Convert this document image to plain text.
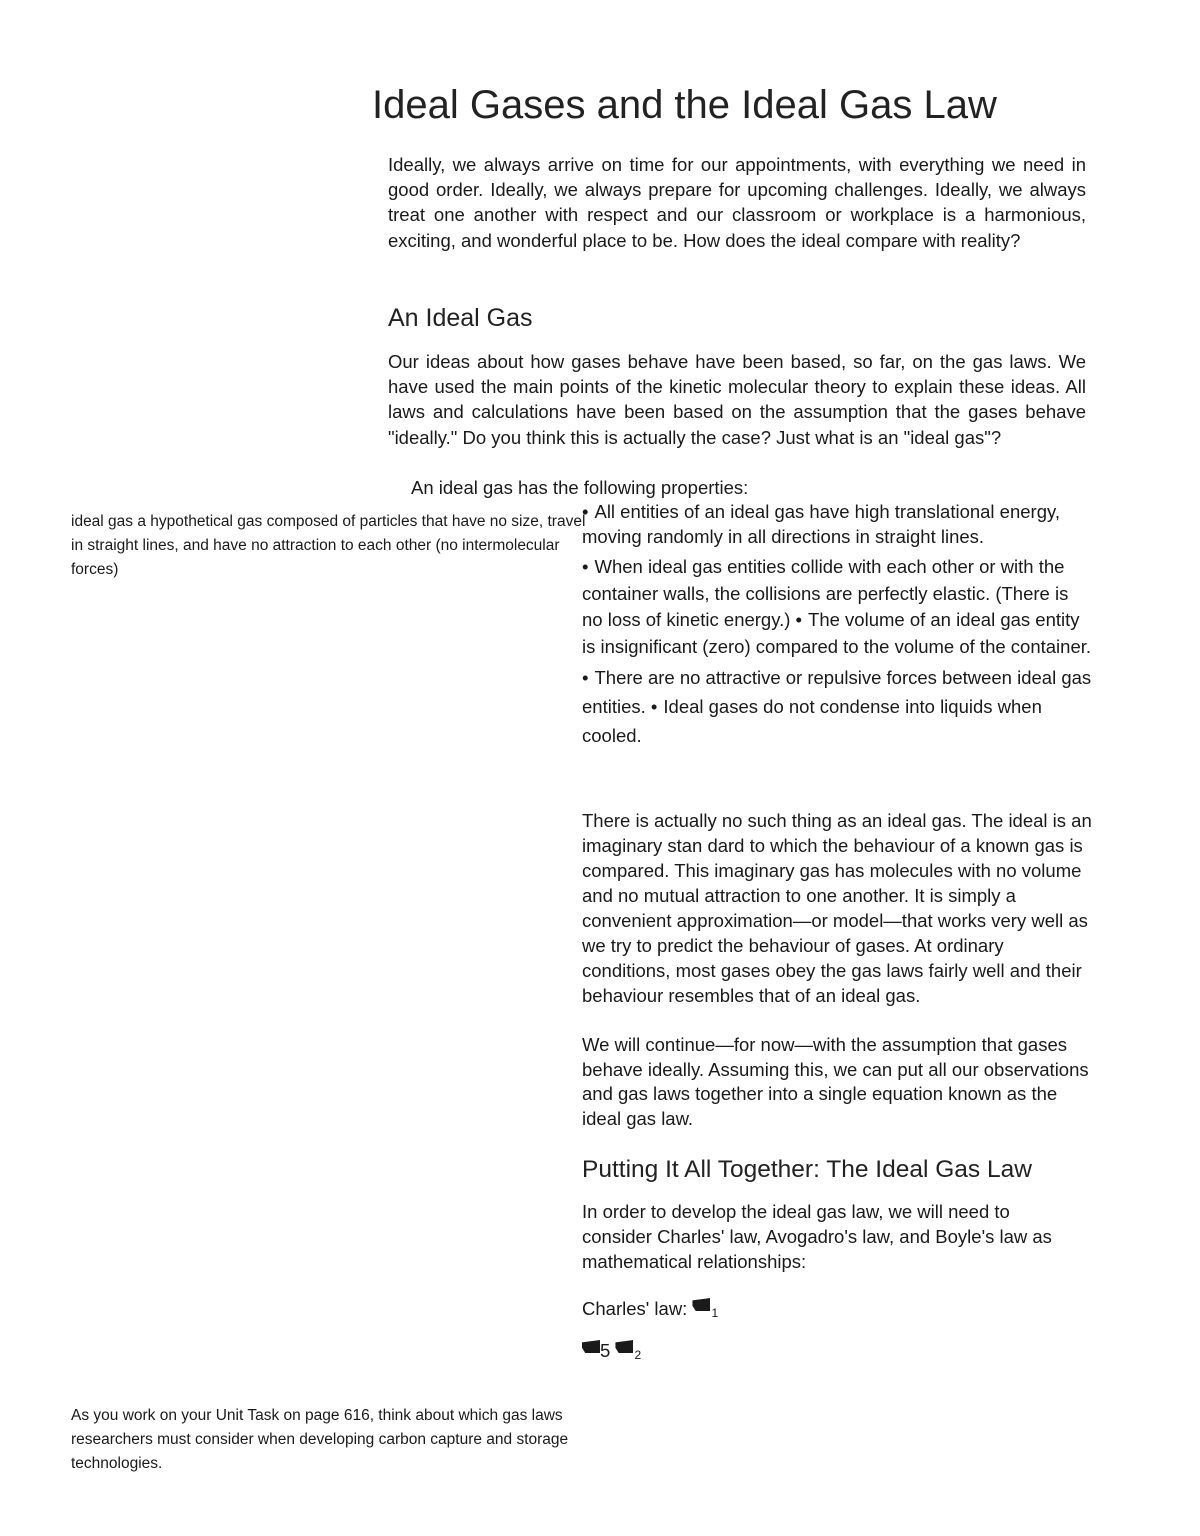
Ideal Gases and the Ideal Gas Law

Ideally, we always arrive on time for our appointments, with everything we need in good order. Ideally, we always prepare for upcoming challenges. Ideally, we always treat one another with respect and our classroom or workplace is a harmonious, exciting, and wonderful place to be. How does the ideal compare with reality?

An Ideal Gas

Our ideas about how gases behave have been based, so far, on the gas laws. We have used the main points of the kinetic molecular theory to explain these ideas. All laws and calculations have been based on the assumption that the gases behave "ideally." Do you think this is actually the case? Just what is an "ideal gas"?

An ideal gas has the following properties:

• All entities of an ideal gas have high translational energy, moving randomly in all directions in straight lines.

• When ideal gas entities collide with each other or with the container walls, the collisions are perfectly elastic. (There is no loss of kinetic energy.) • The volume of an ideal gas entity is insignificant (zero) compared to the volume of the container.

• There are no attractive or repulsive forces between ideal gas entities. • Ideal gases do not condense into liquids when cooled.

There is actually no such thing as an ideal gas. The ideal is an imaginary stan dard to which the behaviour of a known gas is compared. This imaginary gas has molecules with no volume and no mutual attraction to one another. It is simply a convenient approximation—or model—that works very well as we try to predict the behaviour of gases. At ordinary conditions, most gases obey the gas laws fairly well and their behaviour resembles that of an ideal gas.

We will continue—for now—with the assumption that gases behave ideally. Assuming this, we can put all our observations and gas laws together into a single equation known as the ideal gas law.

Putting It All Together: The Ideal Gas Law

In order to develop the ideal gas law, we will need to consider Charles' law, Avogadro's law, and Boyle's law as mathematical relationships:

Charles' law: 1
5 2

ideal gas a hypothetical gas composed of particles that have no size, travel in straight lines, and have no attraction to each other (no intermolecular forces)

As you work on your Unit Task on page 616, think about which gas laws researchers must consider when developing carbon capture and storage technologies.
